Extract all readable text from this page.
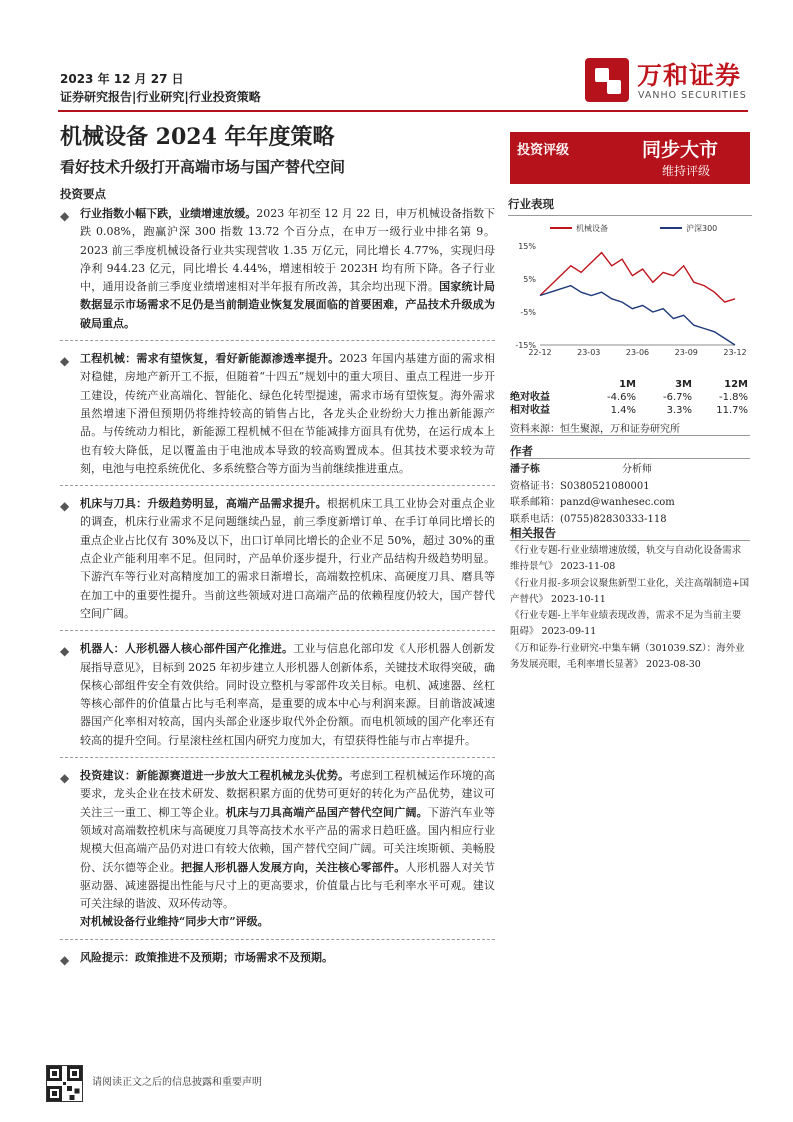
2023 年 12 月 27 日
证券研究报告|行业研究|行业投资策略
万和证券
VANHO SECURITIES
机械设备 2024 年年度策略
看好技术升级打开高端市场与国产替代空间
投资要点
◆ 行业指数小幅下跌，业绩增速放缓。2023 年初至 12 月 22 日，申万机械设备指数下跌 0.08%，跑赢沪深 300 指数 13.72 个百分点，在申万一级行业中排名第 9。2023 前三季度机械设备行业共实现营收 1.35 万亿元，同比增长 4.77%，实现归母净利 944.23 亿元，同比增长 4.44%，增速相较于 2023H 均有所下降。各子行业中，通用设备前三季度业绩增速相对半年报有所改善，其余均出现下滑。国家统计局数据显示市场需求不足仍是当前制造业恢复发展面临的首要困难，产品技术升级成为破局重点。
◆ 工程机械：需求有望恢复，看好新能源渗透率提升。2023 年国内基建方面的需求相对稳健，房地产新开工不振，但随着“十四五”规划中的重大项目、重点工程进一步开工建设，传统产业高端化、智能化、绿色化转型提速，需求市场有望恢复。海外需求虽然增速下滑但预期仍将维持较高的销售占比，各龙头企业纷纷大力推出新能源产品。与传统动力相比，新能源工程机械不但在节能减排方面具有优势，在运行成本上也有较大降低，足以覆盖由于电池成本导致的较高购置成本。但其技术要求较为苛刻，电池与电控系统优化、多系统整合等方面为当前继续推进重点。
◆ 机床与刀具：升级趋势明显，高端产品需求提升。根据机床工具工业协会对重点企业的调查，机床行业需求不足问题继续凸显，前三季度新增订单、在手订单同比增长的重点企业占比仅有 30%及以下，出口订单同比增长的企业不足 50%，超过 30%的重点企业产能利用率不足。但同时，产品单价逐步提升，行业产品结构升级趋势明显。下游汽车等行业对高精度加工的需求日渐增长，高端数控机床、高硬度刀具、磨具等在加工中的重要性提升。当前这些领域对进口高端产品的依赖程度仍较大，国产替代空间广阔。
◆ 机器人：人形机器人核心部件国产化推进。工业与信息化部印发《人形机器人创新发展指导意见》，目标到 2025 年初步建立人形机器人创新体系，关键技术取得突破，确保核心部组件安全有效供给。同时设立整机与零部件攻关目标。电机、减速器、丝杠等核心部件的价值量占比与毛利率高，是重要的成本中心与利润来源。目前谐波减速器国产化率相对较高，国内头部企业逐步取代外企份额。而电机领域的国产化率还有较高的提升空间。行星滚柱丝杠国内研究力度加大，有望获得性能与市占率提升。
◆ 投资建议：新能源赛道进一步放大工程机械龙头优势。考虑到工程机械运作环境的高要求，龙头企业在技术研发、数据积累方面的优势可更好的转化为产品优势，建议可关注三一重工、柳工等企业。机床与刀具高端产品国产替代空间广阔。下游汽车业等领域对高端数控机床与高硬度刀具等高技术水平产品的需求日趋旺盛。国内相应行业规模大但高端产品仍对进口有较大依赖，国产替代空间广阔。可关注埃斯顿、美畅股份、沃尔德等企业。把握人形机器人发展方向，关注核心零部件。人形机器人对关节驱动器、减速器提出性能与尺寸上的更高要求，价值量占比与毛利率水平可观。建议可关注绿的谐波、双环传动等。
对机械设备行业维持“同步大市”评级。
◆ 风险提示：政策推进不及预期；市场需求不及预期。
投资评级	同步大市
维持评级
行业表现
机械设备	沪深300
15%
5%
-5%
-15%
22-12	23-03	23-06	23-09	23-12
1M	3M	12M
绝对收益	-4.6%	-6.7%	-1.8%
相对收益	1.4%	3.3%	11.7%
资料来源：恒生聚源，万和证券研究所
作者
潘子栋	分析师
资格证书：S0380521080001
联系邮箱：panzd@wanhesec.com
联系电话：(0755)82830333-118
相关报告
《行业专题-行业业绩增速放缓，轨交与自动化设备需求维持景气》 2023-11-08
《行业月报-多项会议聚焦新型工业化，关注高端制造+国产替代》 2023-10-11
《行业专题-上半年业绩表现改善，需求不足为当前主要阻碍》 2023-09-11
《万和证券-行业研究-中集车辆（301039.SZ）：海外业务发展亮眼，毛利率增长显著》 2023-08-30
请阅读正文之后的信息披露和重要声明
